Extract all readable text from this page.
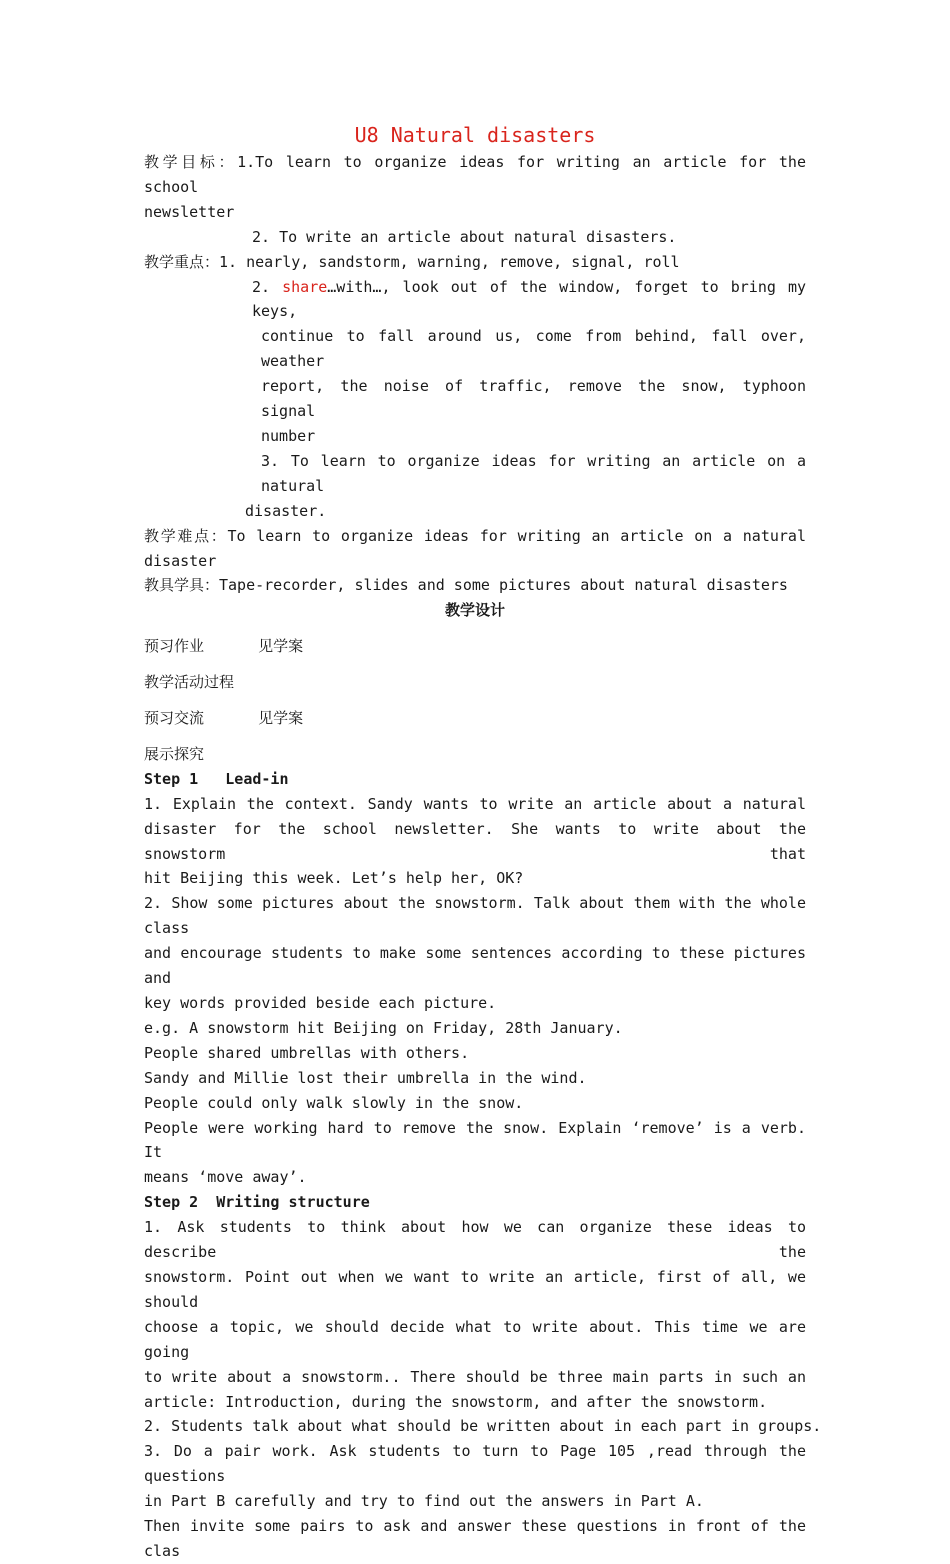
U8 Natural disasters
教学目标：1.To learn to organize ideas for writing an article for the school
newsletter
2. To write an article about natural disasters.
教学重点：1. nearly, sandstorm, warning, remove, signal, roll
2. share…with…, look out of the window, forget to bring my keys,
continue to fall around us, come from behind, fall over, weather
report, the noise of traffic, remove the snow, typhoon signal
number
3. To learn to organize ideas for writing an article on a natural
disaster.
教学难点：To learn to organize ideas for writing an article on a natural
disaster
教具学具：Tape-recorder, slides and some pictures about natural disasters
教学设计
预习作业      见学案
教学活动过程
预习交流      见学案
展示探究
Step 1   Lead-in
1. Explain the context. Sandy wants to write an article about a natural
disaster for the school newsletter. She wants to write about the snowstorm that
hit Beijing this week. Let’s help her, OK?
2. Show some pictures about the snowstorm. Talk about them with the whole class
and encourage students to make some sentences according to these pictures and
key words provided beside each picture.
e.g. A snowstorm hit Beijing on Friday, 28th January.
People shared umbrellas with others.
Sandy and Millie lost their umbrella in the wind.
People could only walk slowly in the snow.
People were working hard to remove the snow. Explain ‘remove’ is a verb. It
means ‘move away’.
Step 2  Writing structure
1. Ask students to think about how we can organize these ideas to describe the
snowstorm. Point out when we want to write an article, first of all, we should
choose a topic, we should decide what to write about. This time we are going
to write about a snowstorm.. There should be three main parts in such an
article: Introduction, during the snowstorm, and after the snowstorm.
2. Students talk about what should be written about in each part in groups.
3. Do a pair work. Ask students to turn to Page 105 ,read through the questions
in Part B carefully and try to find out the answers in Part A.
Then invite some pairs to ask and answer these questions in front of the clas
